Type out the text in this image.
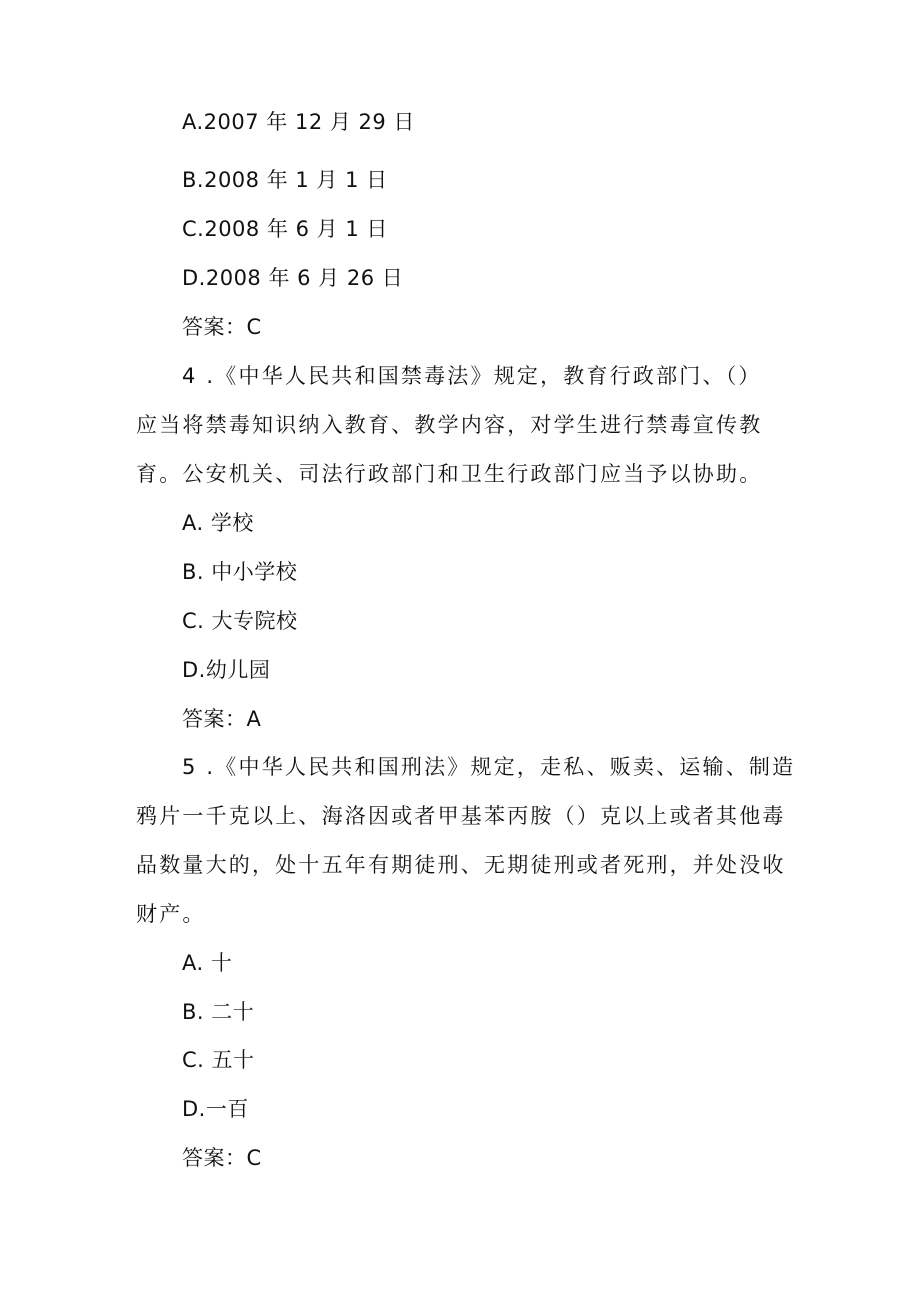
A.2007 年 12 月 29 日
B.2008 年 1 月 1 日
C.2008 年 6 月 1 日
D.2008 年 6 月 26 日
答案：C
4 .《中华人民共和国禁毒法》规定，教育行政部门、（）
应当将禁毒知识纳入教育、教学内容，对学生进行禁毒宣传教
育。公安机关、司法行政部门和卫生行政部门应当予以协助。
A. 学校
B. 中小学校
C. 大专院校
D.幼儿园
答案：A
5 .《中华人民共和国刑法》规定，走私、贩卖、运输、制造
鸦片一千克以上、海洛因或者甲基苯丙胺（）克以上或者其他毒
品数量大的，处十五年有期徒刑、无期徒刑或者死刑，并处没收
财产。
A. 十
B. 二十
C. 五十
D.一百
答案：C
